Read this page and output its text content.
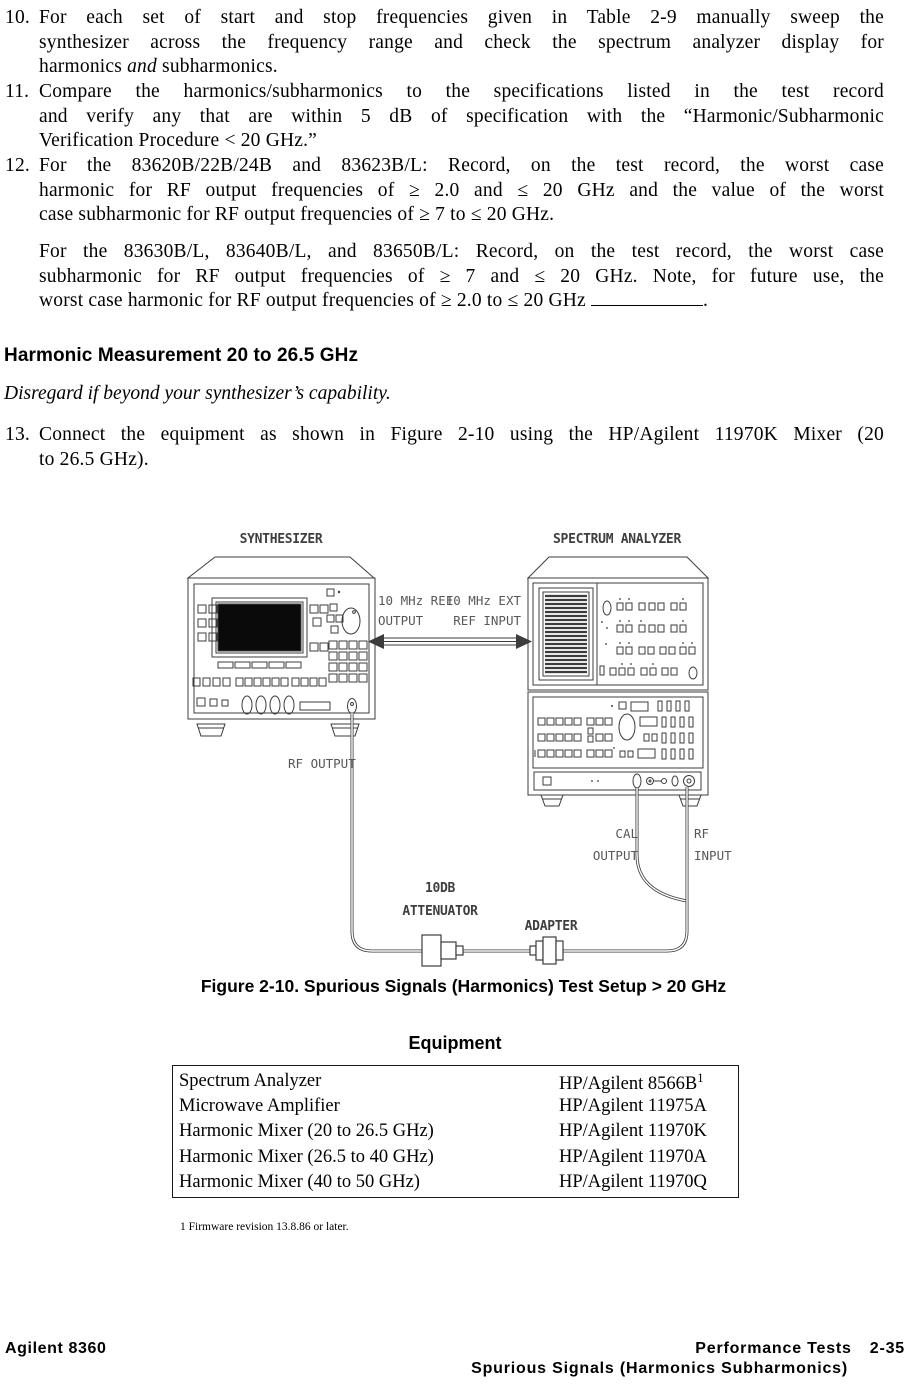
10. For each set of start and stop frequencies given in Table 2-9 manually sweep the
synthesizer across the frequency range and check the spectrum analyzer display for
harmonics and subharmonics.
11. Compare the harmonics/subharmonics to the specifications listed in the test record
and verify any that are within 5 dB of specification with the “Harmonic/Subharmonic
Verification Procedure < 20 GHz.”
12. For the 83620B/22B/24B and 83623B/L: Record, on the test record, the worst case
harmonic for RF output frequencies of ≥ 2.0 and ≤ 20 GHz and the value of the worst
case subharmonic for RF output frequencies of ≥ 7 to ≤ 20 GHz.
For the 83630B/L, 83640B/L, and 83650B/L: Record, on the test record, the worst case
subharmonic for RF output frequencies of ≥ 7 and ≤ 20 GHz. Note, for future use, the
worst case harmonic for RF output frequencies of ≥ 2.0 to ≤ 20 GHz	.
Harmonic Measurement 20 to 26.5 GHz
Disregard if beyond your synthesizer’s capability.
13. Connect the equipment as shown in Figure 2-10 using the HP/Agilent 11970K Mixer (20
to 26.5 GHz).
SYNTHESIZER	SPECTRUM ANALYZER
10 MHz REF
OUTPUT
10 MHz EXT
REF INPUT
RF OUTPUT
CAL
OUTPUT
RF
INPUT
10DB
ATTENUATOR
ADAPTER
Figure 2-10. Spurious Signals (Harmonics) Test Setup > 20 GHz
Equipment
Spectrum Analyzer	HP/Agilent $8566B^1$
Microwave Amplifier	HP/Agilent 11975A
Harmonic Mixer (20 to 26.5 GHz)	HP/Agilent 11970K
Harmonic Mixer (26.5 to 40 GHz)	HP/Agilent 11970A
Harmonic Mixer (40 to 50 GHz)	HP/Agilent 11970Q
1 Firmware revision 13.8.86 or later.
Agilent 8360	Performance Tests 2-35
Spurious Signals (Harmonics Subharmonics)
